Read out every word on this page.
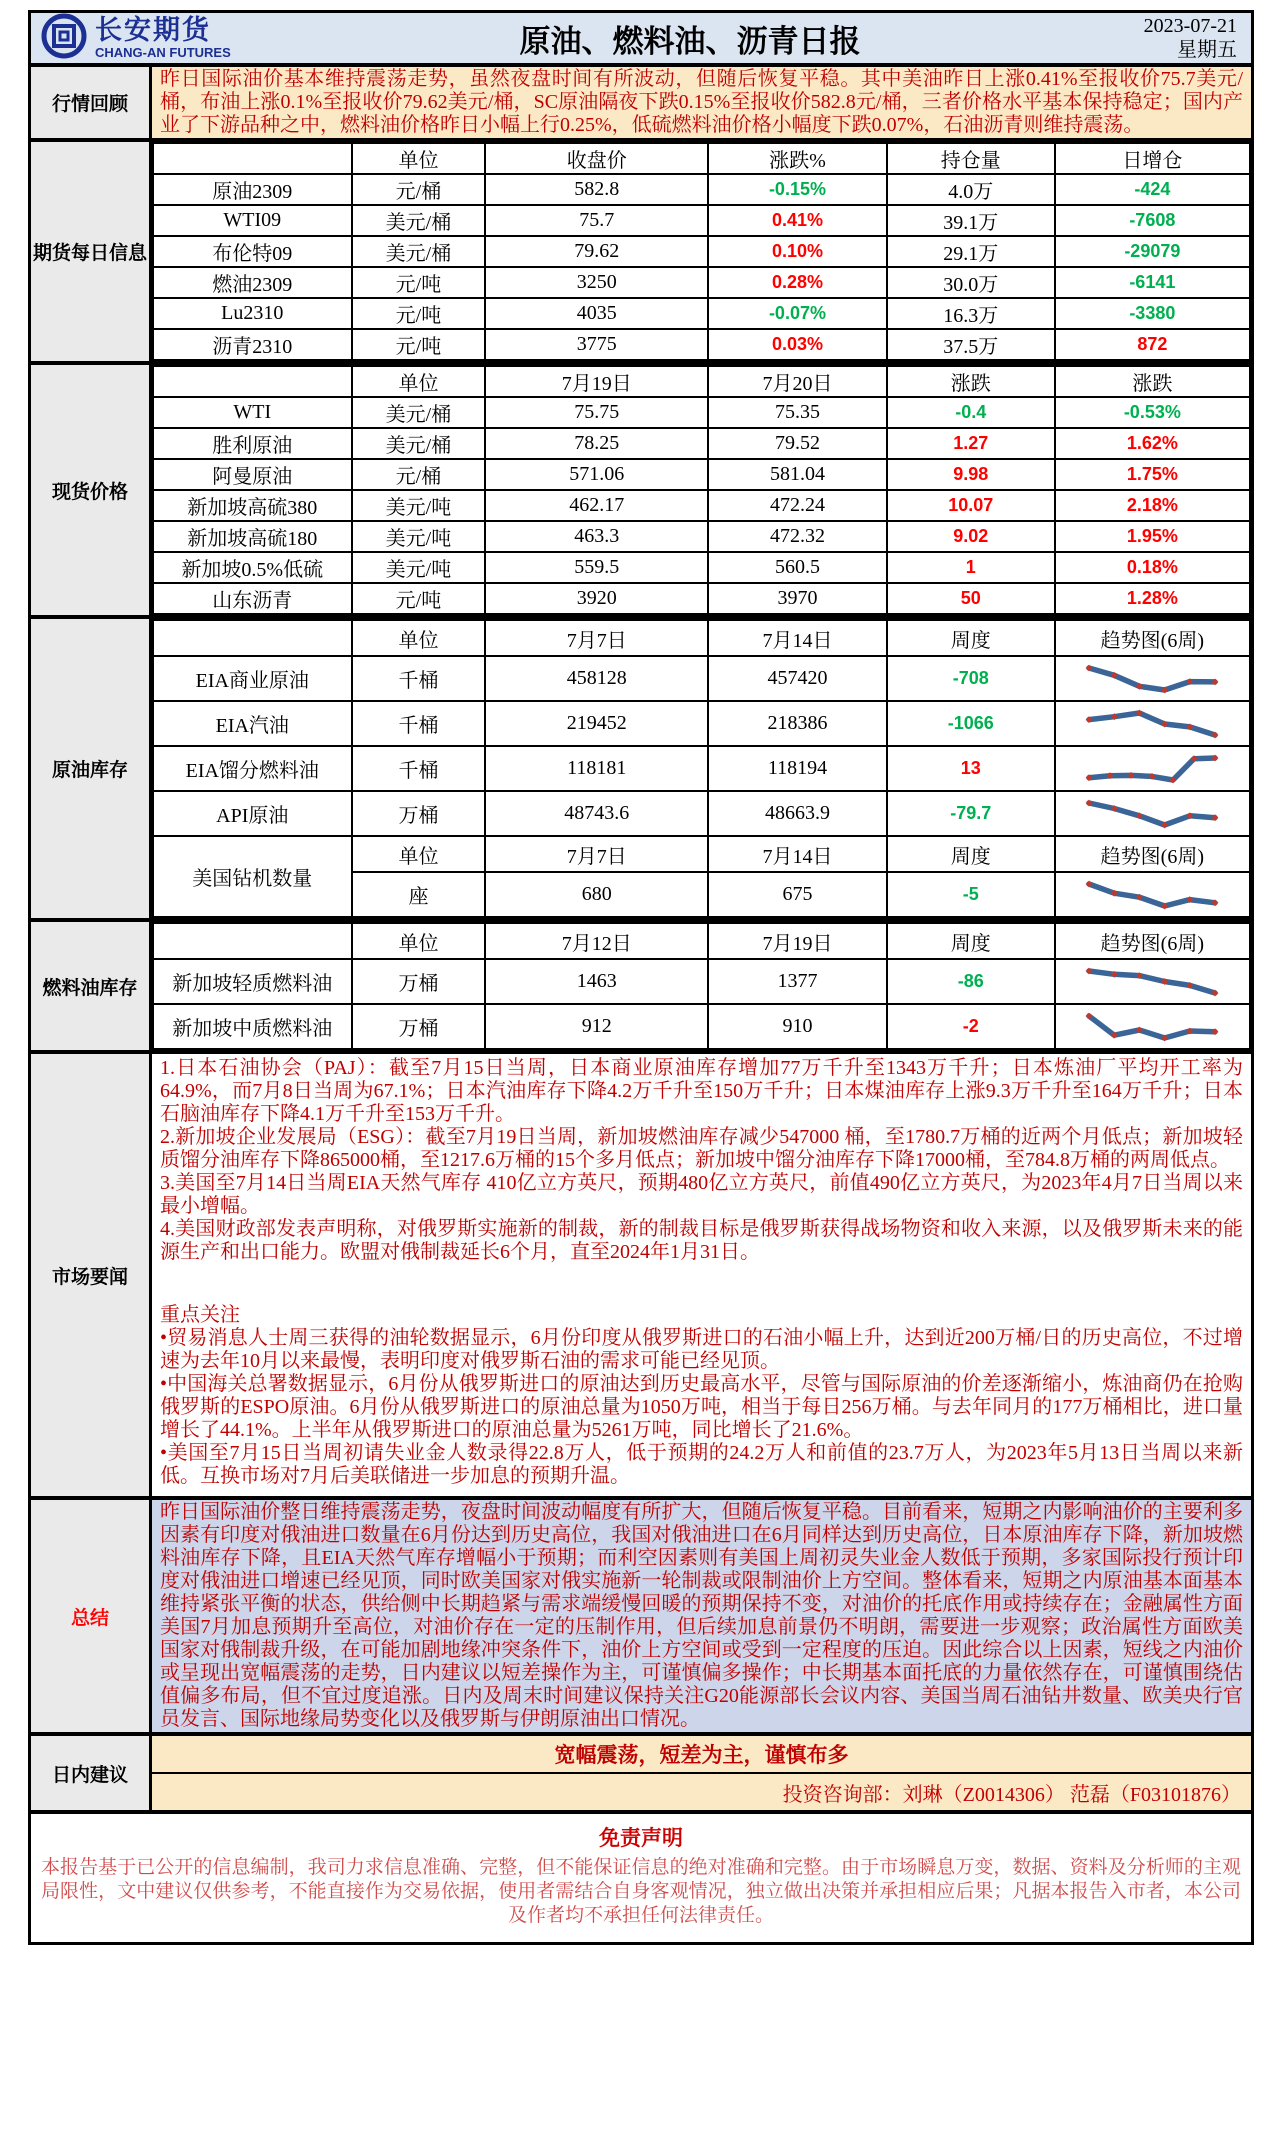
长安期货
CHANG-AN FUTURES	原油、燃料油、沥青日报	2023-07-21
星期五
行情回顾
昨日国际油价基本维持震荡走势，虽然夜盘时间有所波动，但随后恢复平稳。其中美油昨日上涨0.41%至报收价75.7美元/桶，布油上涨0.1%至报收价79.62美元/桶，SC原油隔夜下跌0.15%至报收价582.8元/桶，三者价格水平基本保持稳定；国内产业了下游品种之中，燃料油价格昨日小幅上行0.25%，低硫燃料油价格小幅度下跌0.07%，石油沥青则维持震荡。
期货每日信息
	单位	收盘价	涨跌%	持仓量	日增仓
原油2309	元/桶	582.8	-0.15%	4.0万	-424
WTI09	美元/桶	75.7	0.41%	39.1万	-7608
布伦特09	美元/桶	79.62	0.10%	29.1万	-29079
燃油2309	元/吨	3250	0.28%	30.0万	-6141
Lu2310	元/吨	4035	-0.07%	16.3万	-3380
沥青2310	元/吨	3775	0.03%	37.5万	872
现货价格
	单位	7月19日	7月20日	涨跌	涨跌
WTI	美元/桶	75.75	75.35	-0.4	-0.53%
胜利原油	美元/桶	78.25	79.52	1.27	1.62%
阿曼原油	元/桶	571.06	581.04	9.98	1.75%
新加坡高硫380	美元/吨	462.17	472.24	10.07	2.18%
新加坡高硫180	美元/吨	463.3	472.32	9.02	1.95%
新加坡0.5%低硫	美元/吨	559.5	560.5	1	0.18%
山东沥青	元/吨	3920	3970	50	1.28%
原油库存
	单位	7月7日	7月14日	周度	趋势图(6周)
EIA商业原油	千桶	458128	457420	-708	

EIA汽油	千桶	219452	218386	-1066	

EIA馏分燃料油	千桶	118181	118194	13	

API原油	万桶	48743.6	48663.9	-79.7	

美国钻机数量	单位	7月7日	7月14日	周度	趋势图(6周)
	座	680	675	-5	
燃料油库存
	单位	7月12日	7月19日	周度	趋势图(6周)
新加坡轻质燃料油	万桶	1463	1377	-86	

新加坡中质燃料油	万桶	912	910	-2	
市场要闻

1.日本石油协会（PAJ）：截至7月15日当周，日本商业原油库存增加77万千升至1343万千升；日本炼油厂平均开工率为64.9%，而7月8日当周为67.1%；日本汽油库存下降4.2万千升至150万千升；日本煤油库存上涨9.3万千升至164万千升；日本石脑油库存下降4.1万千升至153万千升。

2.新加坡企业发展局（ESG）：截至7月19日当周，新加坡燃油库存减少547000 桶，至1780.7万桶的近两个月低点；新加坡轻质馏分油库存下降865000桶，至1217.6万桶的15个多月低点；新加坡中馏分油库存下降17000桶，至784.8万桶的两周低点。

3.美国至7月14日当周EIA天然气库存 410亿立方英尺，预期480亿立方英尺，前值490亿立方英尺，为2023年4月7日当周以来最小增幅。

4.美国财政部发表声明称，对俄罗斯实施新的制裁，新的制裁目标是俄罗斯获得战场物资和收入来源，以及俄罗斯未来的能源生产和出口能力。欧盟对俄制裁延长6个月，直至2024年1月31日。

重点关注

•贸易消息人士周三获得的油轮数据显示，6月份印度从俄罗斯进口的石油小幅上升，达到近200万桶/日的历史高位，不过增速为去年10月以来最慢，表明印度对俄罗斯石油的需求可能已经见顶。

•中国海关总署数据显示，6月份从俄罗斯进口的原油达到历史最高水平，尽管与国际原油的价差逐渐缩小，炼油商仍在抢购俄罗斯的ESPO原油。6月份从俄罗斯进口的原油总量为1050万吨，相当于每日256万桶。与去年同月的177万桶相比，进口量增长了44.1%。上半年从俄罗斯进口的原油总量为5261万吨，同比增长了21.6%。

•美国至7月15日当周初请失业金人数录得22.8万人，低于预期的24.2万人和前值的23.7万人，为2023年5月13日当周以来新低。互换市场对7月后美联储进一步加息的预期升温。

总结
昨日国际油价整日维持震荡走势，夜盘时间波动幅度有所扩大，但随后恢复平稳。目前看来，短期之内影响油价的主要利多因素有印度对俄油进口数量在6月份达到历史高位，我国对俄油进口在6月同样达到历史高位，日本原油库存下降，新加坡燃料油库存下降，且EIA天然气库存增幅小于预期；而利空因素则有美国上周初灵失业金人数低于预期，多家国际投行预计印度对俄油进口增速已经见顶，同时欧美国家对俄实施新一轮制裁或限制油价上方空间。整体看来，短期之内原油基本面基本维持紧张平衡的状态，供给侧中长期趋紧与需求端缓慢回暖的预期保持不变，对油价的托底作用或持续存在；金融属性方面美国7月加息预期升至高位，对油价存在一定的压制作用，但后续加息前景仍不明朗，需要进一步观察；政治属性方面欧美国家对俄制裁升级，在可能加剧地缘冲突条件下，油价上方空间或受到一定程度的压迫。因此综合以上因素，短线之内油价或呈现出宽幅震荡的走势，日内建议以短差操作为主，可谨慎偏多操作；中长期基本面托底的力量依然存在，可谨慎围绕估值偏多布局，但不宜过度追涨。日内及周末时间建议保持关注G20能源部长会议内容、美国当周石油钻井数量、欧美央行官员发言、国际地缘局势变化以及俄罗斯与伊朗原油出口情况。
日内建议
宽幅震荡，短差为主，谨慎布多
投资咨询部：刘琳（Z0014306） 范磊（F03101876）
免责声明

本报告基于已公开的信息编制，我司力求信息准确、完整，但不能保证信息的绝对准确和完整。由于市场瞬息万变，数据、资料及分析师的主观局限性，文中建议仅供参考，不能直接作为交易依据，使用者需结合自身客观情况，独立做出决策并承担相应后果；凡据本报告入市者，本公司及作者均不承担任何法律责任。
